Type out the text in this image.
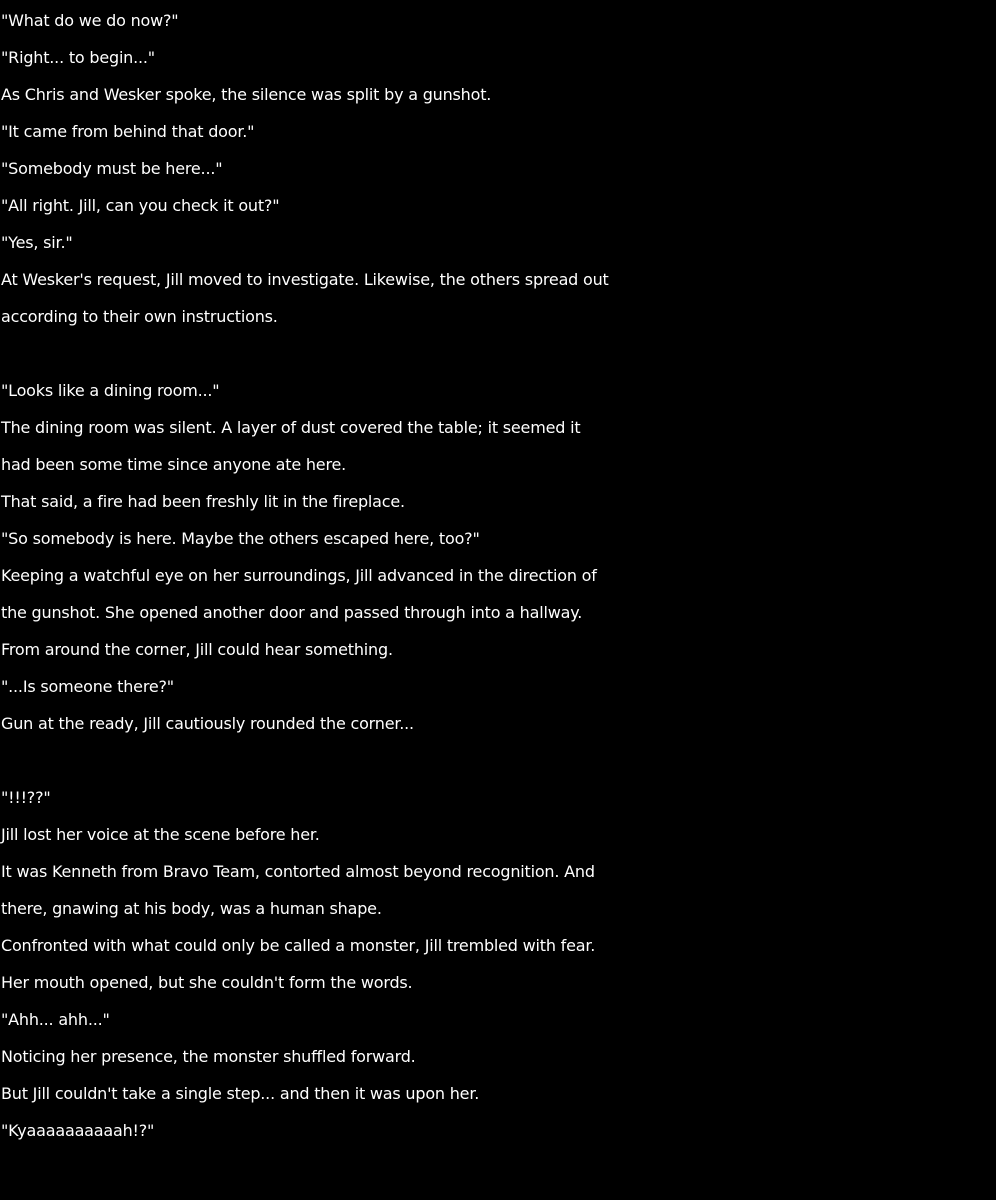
"What do we do now?"
"Right... to begin..."
As Chris and Wesker spoke, the silence was split by a gunshot.
"It came from behind that door."
"Somebody must be here..."
"All right. Jill, can you check it out?"
"Yes, sir."
At Wesker's request, Jill moved to investigate. Likewise, the others spread out
according to their own instructions.
"Looks like a dining room..."
The dining room was silent. A layer of dust covered the table; it seemed it
had been some time since anyone ate here.
That said, a fire had been freshly lit in the fireplace.
"So somebody is here. Maybe the others escaped here, too?"
Keeping a watchful eye on her surroundings, Jill advanced in the direction of
the gunshot. She opened another door and passed through into a hallway.
From around the corner, Jill could hear something.
"...Is someone there?"
Gun at the ready, Jill cautiously rounded the corner...
"!!!??"
Jill lost her voice at the scene before her.
It was Kenneth from Bravo Team, contorted almost beyond recognition. And
there, gnawing at his body, was a human shape.
Confronted with what could only be called a monster, Jill trembled with fear.
Her mouth opened, but she couldn't form the words.
"Ahh... ahh..."
Noticing her presence, the monster shuffled forward.
But Jill couldn't take a single step... and then it was upon her.
"Kyaaaaaaaaaah!?"
